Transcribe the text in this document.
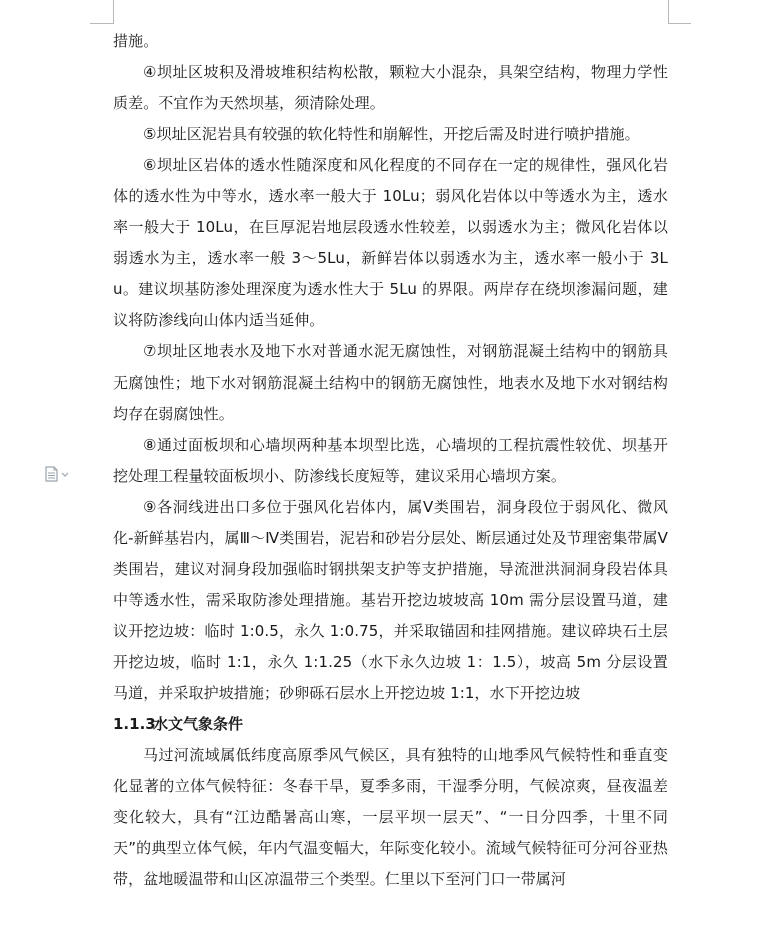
措施。

④坝址区坡积及滑坡堆积结构松散，颗粒大小混杂，具架空结构，物理力学性质差。不宜作为天然坝基，须清除处理。

⑤坝址区泥岩具有较强的软化特性和崩解性，开挖后需及时进行喷护措施。

⑥坝址区岩体的透水性随深度和风化程度的不同存在一定的规律性，强风化岩体的透水性为中等水，透水率一般大于 10Lu；弱风化岩体以中等透水为主，透水率一般大于 10Lu，在巨厚泥岩地层段透水性较差，以弱透水为主；微风化岩体以弱透水为主，透水率一般 3～5Lu，新鲜岩体以弱透水为主，透水率一般小于 3Lu。建议坝基防渗处理深度为透水性大于 5Lu 的界限。两岸存在绕坝渗漏问题，建议将防渗线向山体内适当延伸。

⑦坝址区地表水及地下水对普通水泥无腐蚀性，对钢筋混凝土结构中的钢筋具无腐蚀性；地下水对钢筋混凝土结构中的钢筋无腐蚀性，地表水及地下水对钢结构均存在弱腐蚀性。

⑧通过面板坝和心墙坝两种基本坝型比选，心墙坝的工程抗震性较优、坝基开挖处理工程量较面板坝小、防渗线长度短等，建议采用心墙坝方案。

⑨各洞线进出口多位于强风化岩体内，属Ⅴ类围岩，洞身段位于弱风化、微风化-新鲜基岩内，属Ⅲ～Ⅳ类围岩，泥岩和砂岩分层处、断层通过处及节理密集带属Ⅴ类围岩，建议对洞身段加强临时钢拱架支护等支护措施，导流泄洪洞洞身段岩体具中等透水性，需采取防渗处理措施。基岩开挖边坡坡高 10m 需分层设置马道，建议开挖边坡：临时 1:0.5，永久 1:0.75，并采取锚固和挂网措施。建议碎块石土层开挖边坡，临时 1:1，永久 1:1.25（水下永久边坡 1：1.5），坡高 5m 分层设置马道，并采取护坡措施；砂卵砾石层水上开挖边坡 1:1，水下开挖边坡

1.1.3水文气象条件

马过河流域属低纬度高原季风气候区，具有独特的山地季风气候特性和垂直变化显著的立体气候特征：冬春干旱，夏季多雨，干湿季分明，气候凉爽，昼夜温差变化较大，具有“江边酷暑高山寒，一层平坝一层天”、“一日分四季，十里不同天”的典型立体气候，年内气温变幅大，年际变化较小。流域气候特征可分河谷亚热带，盆地暖温带和山区凉温带三个类型。仁里以下至河门口一带属河
